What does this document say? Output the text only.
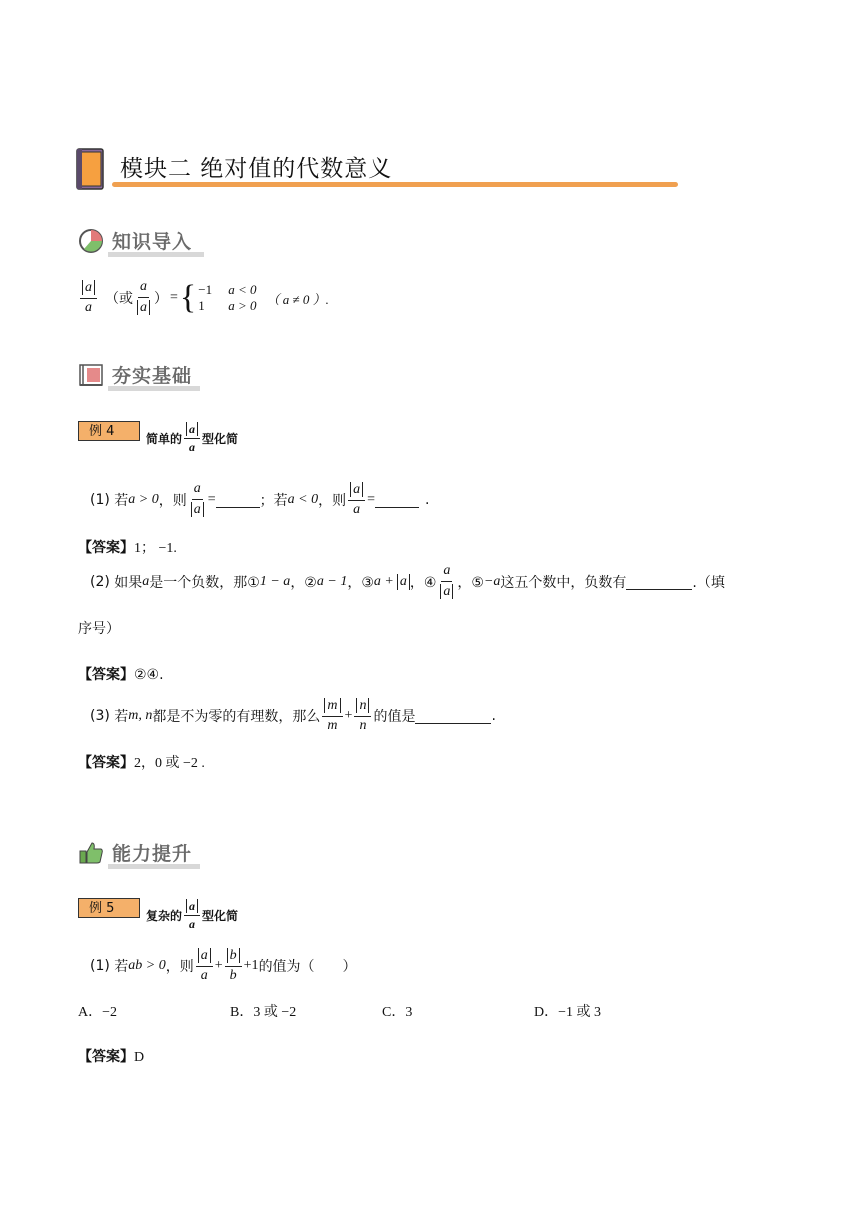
模块二 绝对值的代数意义
知识导入
$\frac{a}{a}$ （或 $\frac{a}{a}$ ） = { −1 a < 0
1 a > 0 （ a ≠ 0 ）.
夯实基础
例 4	简单的 $\frac{a}{a}$ 型化简
(1)
若 a > 0 ，则 $\frac{a}{a}$ =	；若 a < 0 ，则 $\frac{a}{a}$ =	.
【答案】1； −1.
(2)
如果 a 是一个负数，那① 1 − a ，② a − 1 ，③ a + a ，④ $\frac{a}{a}$ ，⑤ −a 这五个数中，负数有	.（填
序号）
【答案】②④.
(3)
若 m, n 都是不为零的有理数，那么 $\frac{m}{m} + \frac{n}{n}$ 的值是	.
【答案】2，0 或 −2 .
能力提升
例 5	复杂的 $\frac{a}{a}$ 型化简
(1)
若 ab > 0 ，则 $\frac{a}{a} + \frac{b}{b} +1$ 的值为（　　）
A．−2	B．3 或 −2	C．3	D．−1 或 3
【答案】D
